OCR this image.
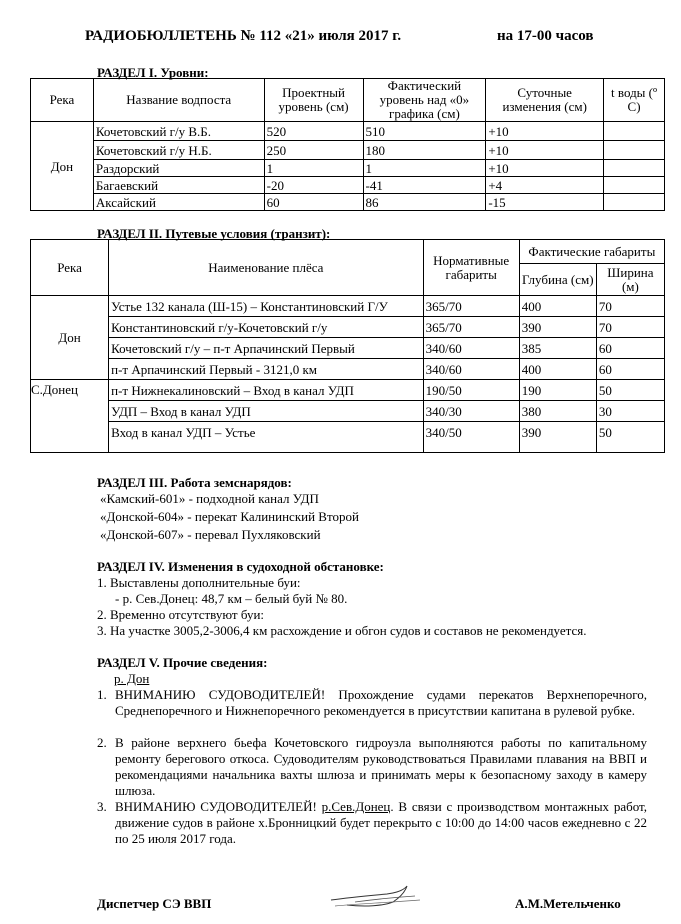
РАДИОБЮЛЛЕТЕНЬ № 112 «21» июля 2017 г.	на 17-00 часов
РАЗДЕЛ I. Уровни:
Река	Название водпоста	Проектный уровень (см)	Фактический уровень над «0» графика (см)	Суточные изменения (см)	t воды (º С)
Дон	Кочетовский г/у В.Б.	520	510	+10	
	Кочетовский г/у Н.Б.	250	180	+10	
	Раздорский	1	1	+10	
	Багаевский	-20	-41	+4	
	Аксайский	60	86	-15	
РАЗДЕЛ II. Путевые условия (транзит):
Река	Наименование плёса	Нормативные габариты	Фактические габариты	
			Глубина (см)	Ширина (м)
Дон	Устье 132 канала (Ш-15) – Константиновский Г/У	365/70	400	70
	Константиновский г/у-Кочетовский г/у	365/70	390	70
	Кочетовский г/у – п-т Арпачинский Первый	340/60	385	60
	п-т Арпачинский Первый - 3121,0 км	340/60	400	60
С.Донец	п-т Нижнекалиновский – Вход в канал УДП	190/50	190	50
	УДП – Вход в канал УДП	340/30	380	30
	Вход в канал УДП – Устье	340/50	390	50
РАЗДЕЛ III. Работа земснарядов:
«Камский-601» - подходной канал УДП
«Донской-604» - перекат Калининский Второй
«Донской-607» - перевал Пухляковский
РАЗДЕЛ IV. Изменения в судоходной обстановке:
1. Выставлены дополнительные буи:
- р. Сев.Донец: 48,7 км – белый буй № 80.
2. Временно отсутствуют буи:
3. На участке 3005,2-3006,4 км расхождение и обгон судов и составов не рекомендуется.
РАЗДЕЛ V. Прочие сведения:
р. Дон
1. ВНИМАНИЮ СУДОВОДИТЕЛЕЙ! Прохождение судами перекатов Верхнепоречного, Среднепоречного и Нижнепоречного рекомендуется в присутствии капитана в рулевой рубке.
2. В районе верхнего бьефа Кочетовского гидроузла выполняются работы по капитальному ремонту берегового откоса. Судоводителям руководствоваться Правилами плавания на ВВП и рекомендациями начальника вахты шлюза и принимать меры к безопасному заходу в камеру шлюза.
3. ВНИМАНИЮ СУДОВОДИТЕЛЕЙ! р.Сев.Донец. В связи с производством монтажных работ, движение судов в районе х.Бронницкий будет перекрыто с 10:00 до 14:00 часов ежедневно с 22 по 25 июля 2017 года.
Диспетчер СЭ ВВП	А.М.Метельченко
